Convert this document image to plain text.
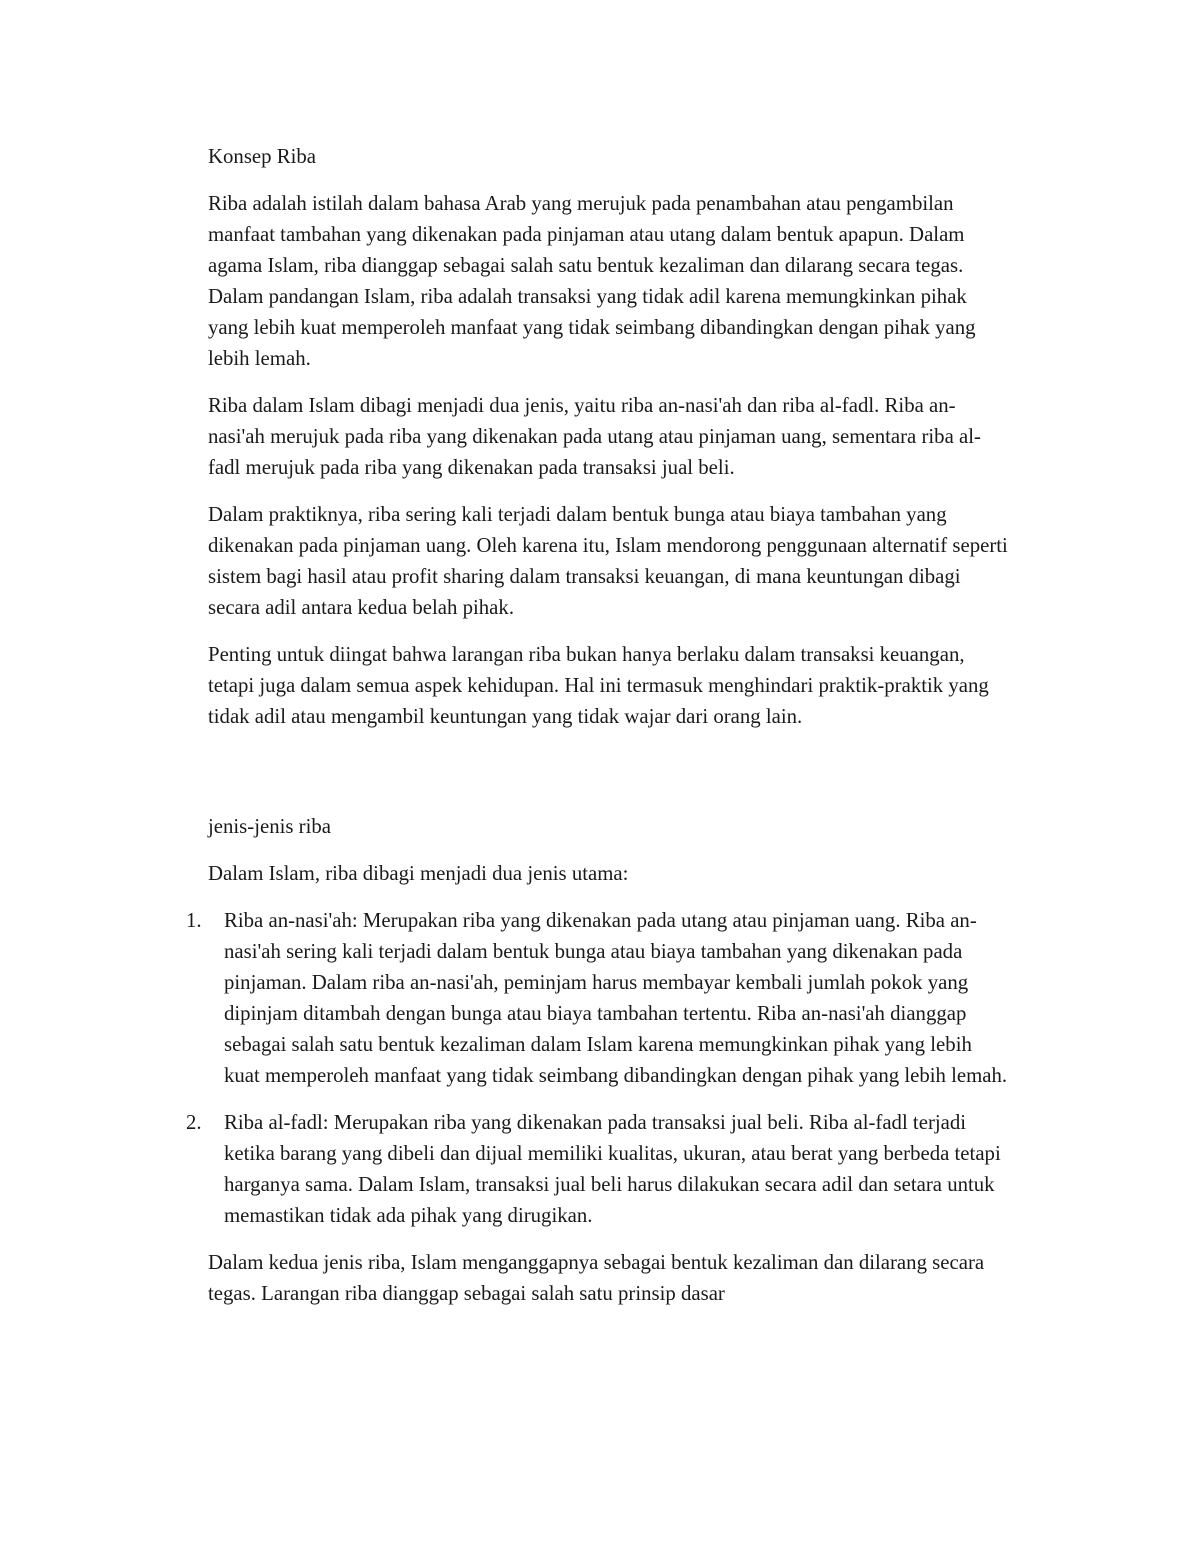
Konsep Riba

Riba adalah istilah dalam bahasa Arab yang merujuk pada penambahan atau pengambilan manfaat tambahan yang dikenakan pada pinjaman atau utang dalam bentuk apapun. Dalam agama Islam, riba dianggap sebagai salah satu bentuk kezaliman dan dilarang secara tegas. Dalam pandangan Islam, riba adalah transaksi yang tidak adil karena memungkinkan pihak yang lebih kuat memperoleh manfaat yang tidak seimbang dibandingkan dengan pihak yang lebih lemah.

Riba dalam Islam dibagi menjadi dua jenis, yaitu riba an-nasi'ah dan riba al-fadl. Riba an-nasi'ah merujuk pada riba yang dikenakan pada utang atau pinjaman uang, sementara riba al-fadl merujuk pada riba yang dikenakan pada transaksi jual beli.

Dalam praktiknya, riba sering kali terjadi dalam bentuk bunga atau biaya tambahan yang dikenakan pada pinjaman uang. Oleh karena itu, Islam mendorong penggunaan alternatif seperti sistem bagi hasil atau profit sharing dalam transaksi keuangan, di mana keuntungan dibagi secara adil antara kedua belah pihak.

Penting untuk diingat bahwa larangan riba bukan hanya berlaku dalam transaksi keuangan, tetapi juga dalam semua aspek kehidupan. Hal ini termasuk menghindari praktik-praktik yang tidak adil atau mengambil keuntungan yang tidak wajar dari orang lain.

jenis-jenis riba

Dalam Islam, riba dibagi menjadi dua jenis utama:

1. Riba an-nasi'ah: Merupakan riba yang dikenakan pada utang atau pinjaman uang. Riba an-nasi'ah sering kali terjadi dalam bentuk bunga atau biaya tambahan yang dikenakan pada pinjaman. Dalam riba an-nasi'ah, peminjam harus membayar kembali jumlah pokok yang dipinjam ditambah dengan bunga atau biaya tambahan tertentu. Riba an-nasi'ah dianggap sebagai salah satu bentuk kezaliman dalam Islam karena memungkinkan pihak yang lebih kuat memperoleh manfaat yang tidak seimbang dibandingkan dengan pihak yang lebih lemah.
2. Riba al-fadl: Merupakan riba yang dikenakan pada transaksi jual beli. Riba al-fadl terjadi ketika barang yang dibeli dan dijual memiliki kualitas, ukuran, atau berat yang berbeda tetapi harganya sama. Dalam Islam, transaksi jual beli harus dilakukan secara adil dan setara untuk memastikan tidak ada pihak yang dirugikan.

Dalam kedua jenis riba, Islam menganggapnya sebagai bentuk kezaliman dan dilarang secara tegas. Larangan riba dianggap sebagai salah satu prinsip dasar
